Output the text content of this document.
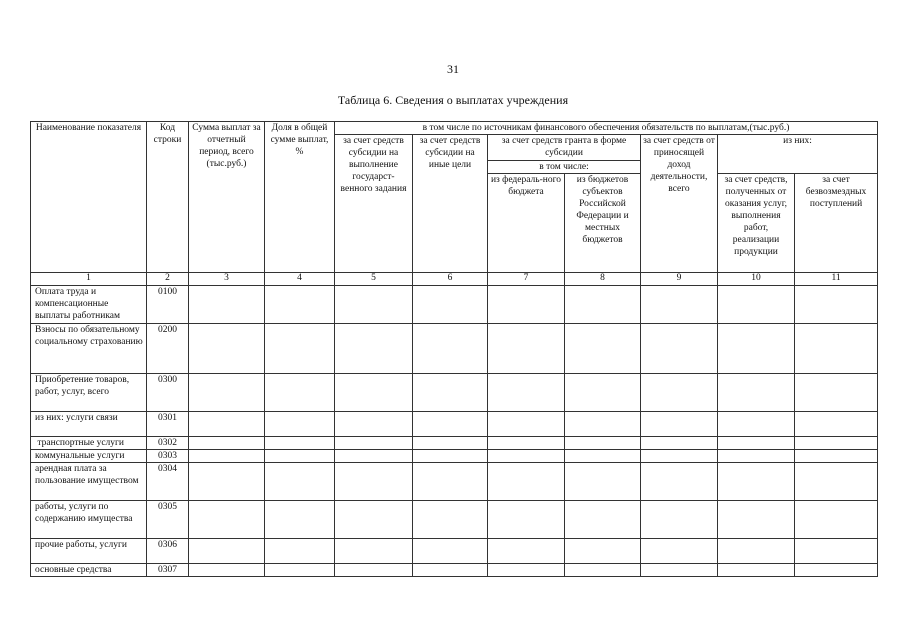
31
Таблица 6. Сведения о выплатах учреждения
Наименование показателя	Код строки	Сумма выплат за отчетный период, всего (тыс.руб.)	Доля в общей сумме выплат, %	в том числе по источникам финансового обеспечения обязательств по выплатам,(тыс.руб.)						
				за счет средств субсидии на выполнение государст-венного задания	за счет средств субсидии на иные цели	за счет средств гранта в форме субсидии		за счет средств от приносящей доход деятельности, всего	из них:	
						в том числе:				
						из федераль-ного бюджета	из бюджетов субъектов Российской Федерации и местных бюджетов		за счет средств, полученных от оказания услуг, выполнения работ, реализации продукции	за счет безвозмездных поступлений
1	2	3	4	5	6	7	8	9	10	11
Оплата труда и компенсационные выплаты работникам	0100									
Взносы по обязательному социальному страхованию	0200									
Приобретение товаров, работ, услуг, всего	0300									
из них: услуги связи	0301									
транспортные услуги	0302									
коммунальные услуги	0303									
арендная плата за пользование имуществом	0304									
работы, услуги по содержанию имущества	0305									
прочие работы, услуги	0306									
основные средства	0307									
